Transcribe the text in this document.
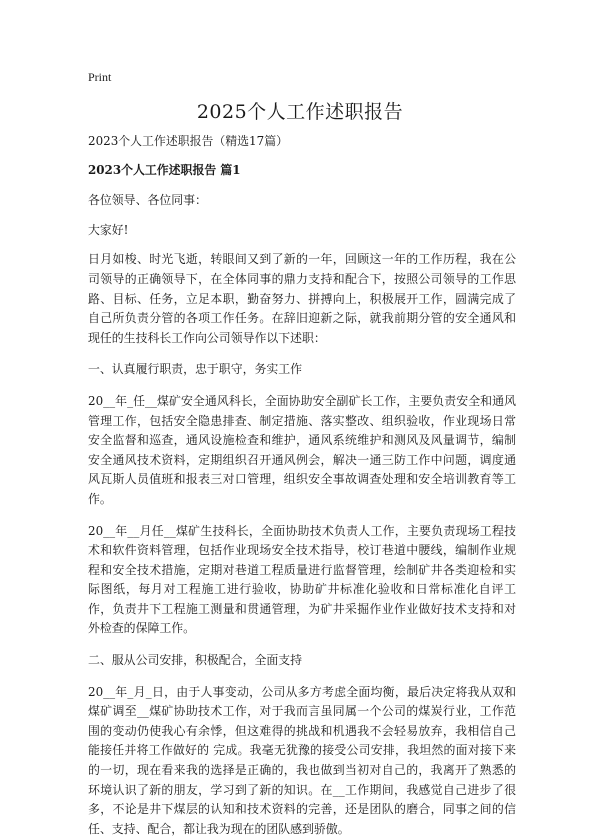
Print
2025个人工作述职报告

2023个人工作述职报告（精选17篇）

2023个人工作述职报告 篇1

各位领导、各位同事：

大家好!

日月如梭、时光飞逝，转眼间又到了新的一年，回顾这一年的工作历程，我在公司领导的正确领导下，在全体同事的鼎力支持和配合下，按照公司领导的工作思路、目标、任务，立足本职，勤奋努力、拼搏向上，积极展开工作，圆满完成了自己所负责分管的各项工作任务。在辞旧迎新之际，就我前期分管的安全通风和现任的生技科长工作向公司领导作以下述职：

一、认真履行职责，忠于职守，务实工作

20__年_任__煤矿安全通风科长，全面协助安全副矿长工作，主要负责安全和通风管理工作，包括安全隐患排查、制定措施、落实整改、组织验收，作业现场日常安全监督和巡查，通风设施检查和维护，通风系统维护和测风及风量调节，编制安全通风技术资料，定期组织召开通风例会，解决一通三防工作中问题，调度通风瓦斯人员值班和报表三对口管理，组织安全事故调查处理和安全培训教育等工作。

20__年__月任__煤矿生技科长，全面协助技术负责人工作，主要负责现场工程技术和软件资料管理，包括作业现场安全技术指导，校订巷道中腰线，编制作业规程和安全技术措施，定期对巷道工程质量进行监督管理，绘制矿井各类迎检和实际图纸，每月对工程施工进行验收，协助矿井标准化验收和日常标准化自评工作，负责井下工程施工测量和贯通管理，为矿井采掘作业作业做好技术支持和对外检查的保障工作。

二、服从公司安排，积极配合，全面支持

20__年_月_日，由于人事变动，公司从多方考虑全面均衡，最后决定将我从双和煤矿调至__煤矿协助技术工作，对于我而言虽同属一个公司的煤炭行业，工作范围的变动仍使我心有余悸，但这难得的挑战和机遇我不会轻易放弃，我相信自己能接任并将工作做好的 完成。我毫无犹豫的接受公司安排，我坦然的面对接下来的一切，现在看来我的选择是正确的，我也做到当初对自己的，我离开了熟悉的环境认识了新的朋友，学习到了新的知识。在__工作期间，我感觉自己进步了很多，不论是井下煤层的认知和技术资料的完善，还是团队的磨合，同事之间的信任、支持、配合，都让我为现在的团队感到骄傲。
